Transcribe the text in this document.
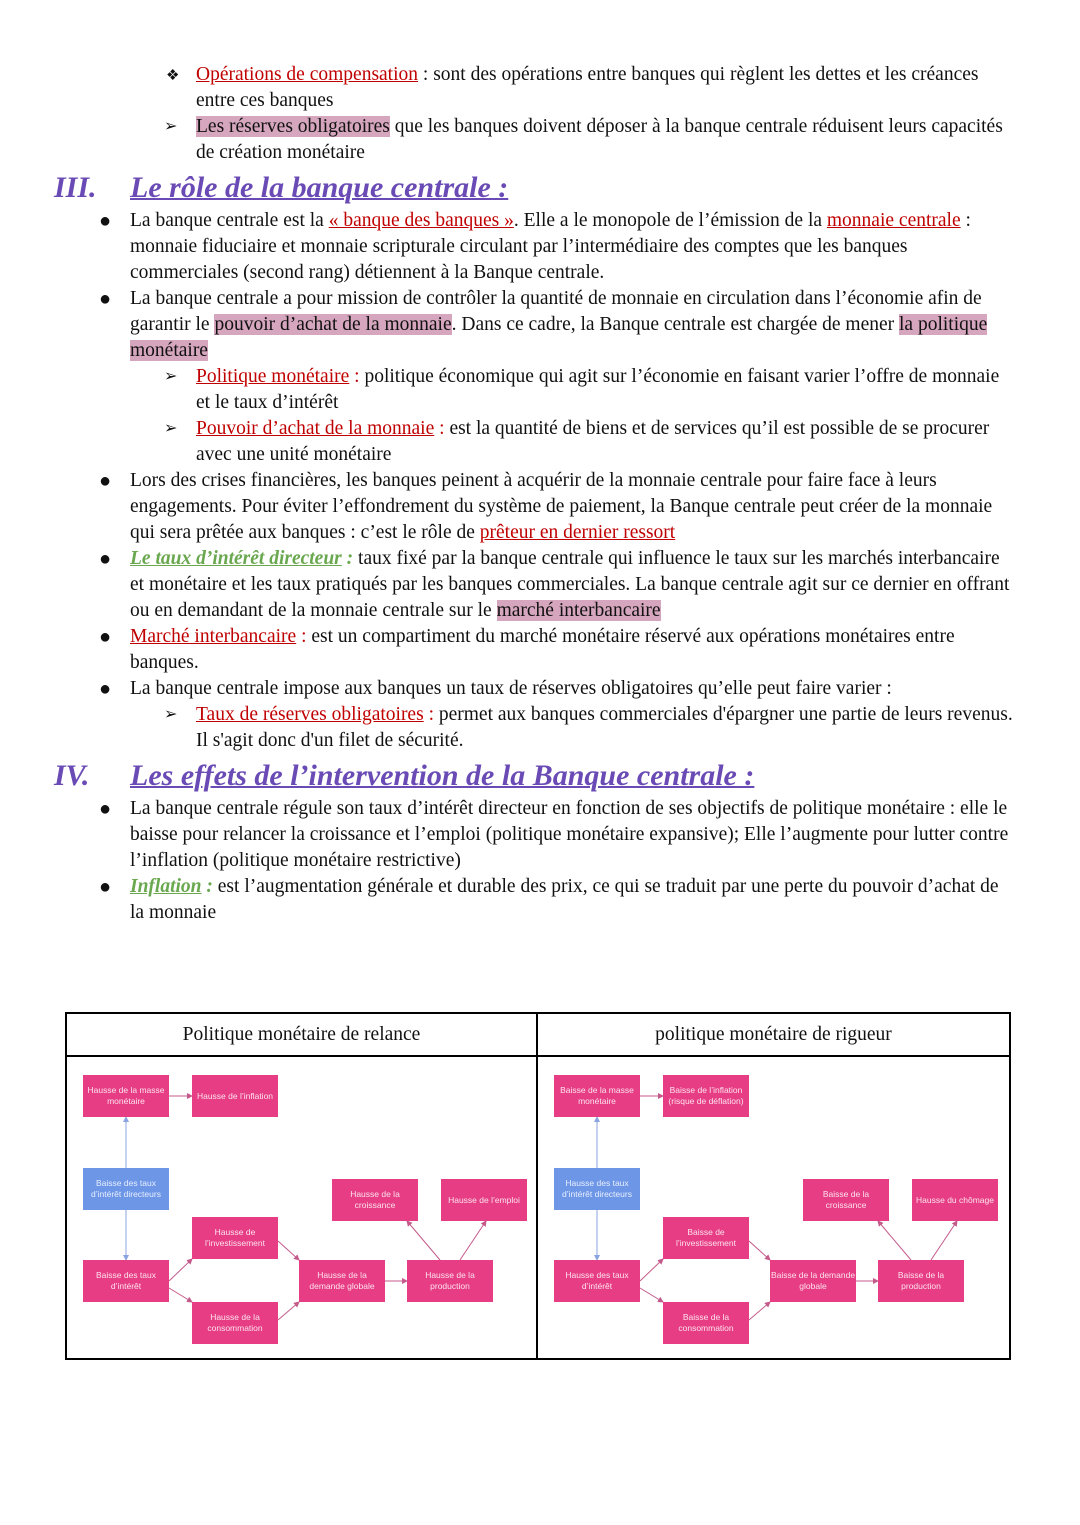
❖ Opérations de compensation : sont des opérations entre banques qui règlent les dettes et les créances entre ces banques
➢ Les réserves obligatoires que les banques doivent déposer à la banque centrale réduisent leurs capacités de création monétaire
III. Le rôle de la banque centrale :
● La banque centrale est la « banque des banques ». Elle a le monopole de l’émission de la monnaie centrale : monnaie fiduciaire et monnaie scripturale circulant par l’intermédiaire des comptes que les banques commerciales (second rang) détiennent à la Banque centrale.
● La banque centrale a pour mission de contrôler la quantité de monnaie en circulation dans l’économie afin de garantir le pouvoir d’achat de la monnaie. Dans ce cadre, la Banque centrale est chargée de mener la politique monétaire
➢ Politique monétaire : politique économique qui agit sur l’économie en faisant varier l’offre de monnaie et le taux d’intérêt
➢ Pouvoir d’achat de la monnaie : est la quantité de biens et de services qu’il est possible de se procurer avec une unité monétaire
● Lors des crises financières, les banques peinent à acquérir de la monnaie centrale pour faire face à leurs engagements. Pour éviter l’effondrement du système de paiement, la Banque centrale peut créer de la monnaie qui sera prêtée aux banques : c’est le rôle de prêteur en dernier ressort
● Le taux d’intérêt directeur : taux fixé par la banque centrale qui influence le taux sur les marchés interbancaire et monétaire et les taux pratiqués par les banques commerciales. La banque centrale agit sur ce dernier en offrant ou en demandant de la monnaie centrale sur le marché interbancaire
● Marché interbancaire : est un compartiment du marché monétaire réservé aux opérations monétaires entre banques.
● La banque centrale impose aux banques un taux de réserves obligatoires qu’elle peut faire varier :
➢ Taux de réserves obligatoires : permet aux banques commerciales d'épargner une partie de leurs revenus. Il s'agit donc d'un filet de sécurité.
IV. Les effets de l’intervention de la Banque centrale :
● La banque centrale régule son taux d’intérêt directeur en fonction de ses objectifs de politique monétaire : elle le baisse pour relancer la croissance et l’emploi (politique monétaire expansive); Elle l’augmente pour lutter contre l’inflation (politique monétaire restrictive)
● Inflation : est l’augmentation générale et durable des prix, ce qui se traduit par une perte du pouvoir d’achat de la monnaie
Politique monétaire de relance	politique monétaire de rigueur
Hausse de la masse monétaire
Hausse de l’inflation
Baisse des taux d’intérêt directeurs
Baisse des taux d’intérêt
Hausse de l’investissement
Hausse de la consommation
Hausse de la demande globale
Hausse de la production
Hausse de la croissance
Hausse de l’emploi
Baisse de la masse monétaire
Baisse de l’inflation (risque de déflation)
Hausse des taux d’intérêt directeurs
Hausse des taux d’intérêt
Baisse de l’investissement
Baisse de la consommation
Baisse de la demande globale
Baisse de la production
Baisse de la croissance
Hausse du chômage
